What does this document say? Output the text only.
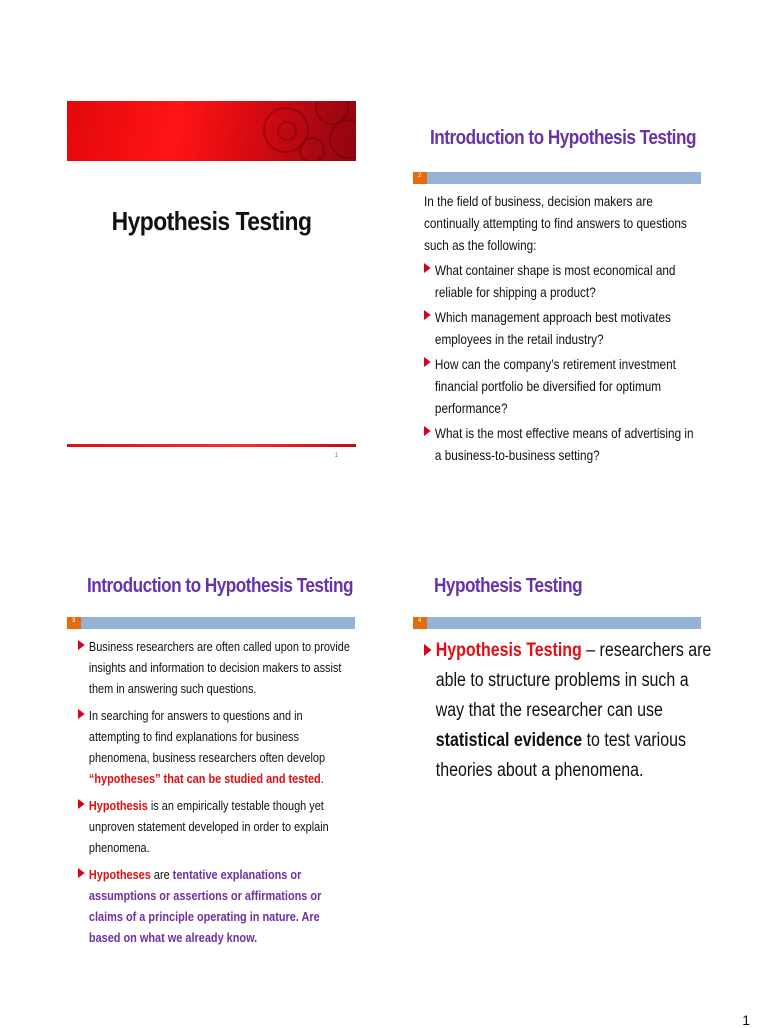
Hypothesis Testing
1
Introduction to Hypothesis Testing
2

In the field of business, decision makers are continually attempting to find answers to questions such as the following:

What container shape is most economical and reliable for shipping a product?
Which management approach best motivates employees in the retail industry?
How can the company’s retirement investment financial portfolio be diversified for optimum performance?
What is the most effective means of advertising in a business-to-business setting?
Introduction to Hypothesis Testing
3
Business researchers are often called upon to provide insights and information to decision makers to assist them in answering such questions.
In searching for answers to questions and in attempting to find explanations for business phenomena, business researchers often develop “hypotheses” that can be studied and tested.
Hypothesis is an empirically testable though yet unproven statement developed in order to explain phenomena.
Hypotheses are tentative explanations or assumptions or assertions or affirmations or claims of a principle operating in nature. Are based on what we already know.
Hypothesis Testing
4
Hypothesis Testing – researchers are able to structure problems in such a way that the researcher can use statistical evidence to test various theories about a phenomena.
1
